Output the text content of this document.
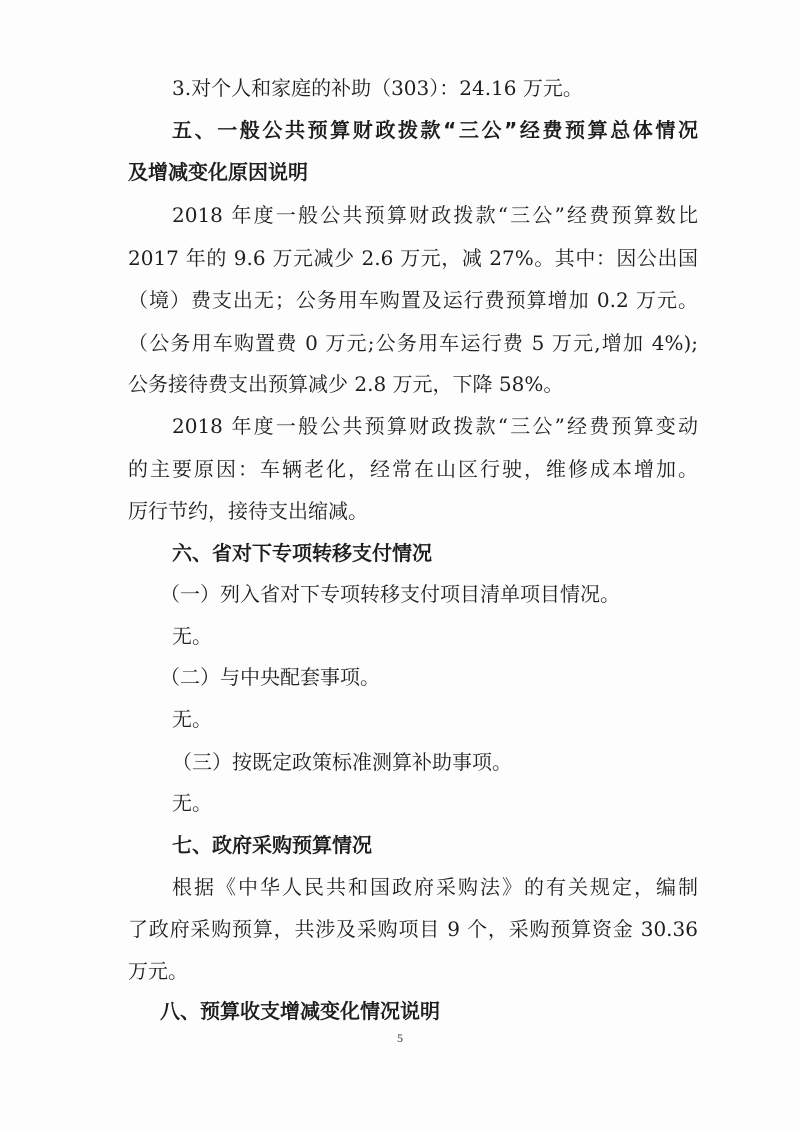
3.对个人和家庭的补助（303）：24.16 万元。
五、一般公共预算财政拨款“三公”经费预算总体情况
及增减变化原因说明
2018 年度一般公共预算财政拨款“三公”经费预算数比
2017 年的 9.6 万元减少 2.6 万元，减 27%。其中：因公出国
（境）费支出无；公务用车购置及运行费预算增加 0.2 万元。
（公务用车购置费 0 万元;公务用车运行费 5 万元,增加 4%);
公务接待费支出预算减少 2.8 万元，下降 58%。
2018 年度一般公共预算财政拨款“三公”经费预算变动
的主要原因：车辆老化，经常在山区行驶，维修成本增加。
厉行节约，接待支出缩减。
六、省对下专项转移支付情况
（一）列入省对下专项转移支付项目清单项目情况。
无。
（二）与中央配套事项。
无。
（三）按既定政策标准测算补助事项。
无。
七、政府采购预算情况
根据《中华人民共和国政府采购法》的有关规定，编制
了政府采购预算，共涉及采购项目 9 个，采购预算资金 30.36
万元。
八、预算收支增减变化情况说明
5
